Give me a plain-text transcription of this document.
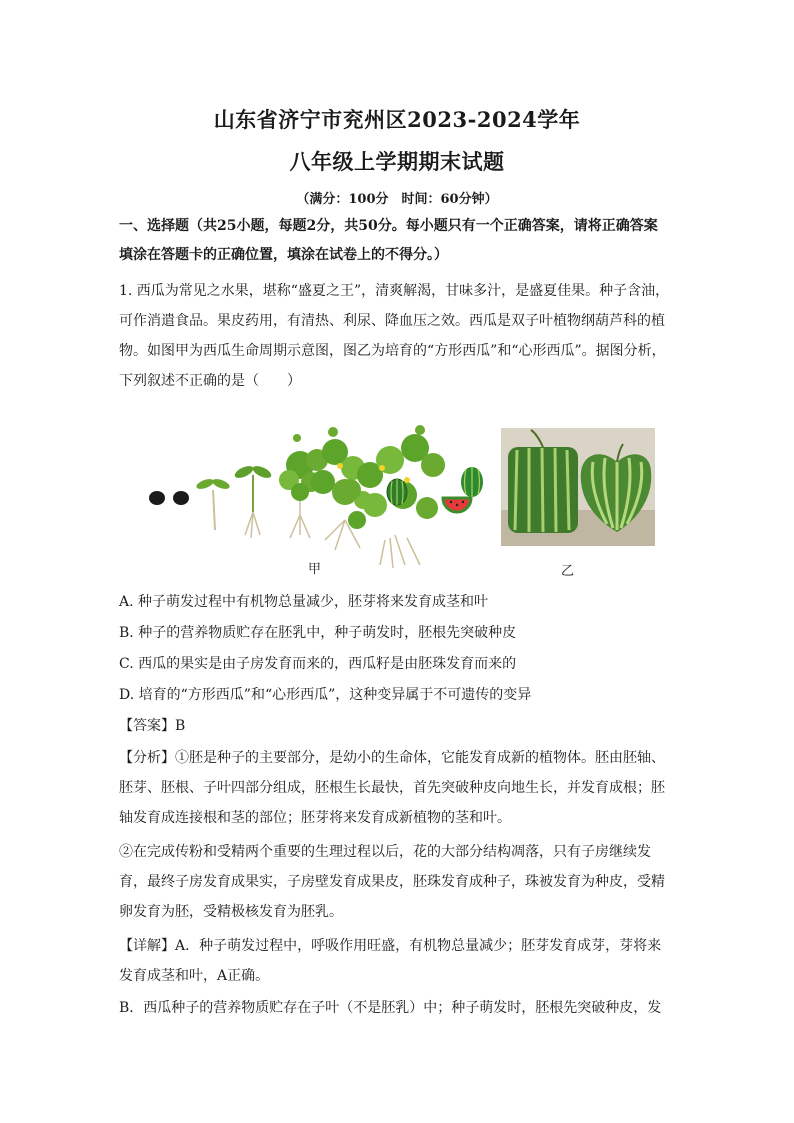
山东省济宁市兖州区2023-2024学年
八年级上学期期末试题
（满分：100分　时间：60分钟）
一、选择题（共25小题，每题2分，共50分。每小题只有一个正确答案，请将正确答案
填涂在答题卡的正确位置，填涂在试卷上的不得分。）
1. 西瓜为常见之水果，堪称“盛夏之王”，清爽解渴，甘味多汁，是盛夏佳果。种子含油，
可作消遣食品。果皮药用，有清热、利尿、降血压之效。西瓜是双子叶植物纲葫芦科的植
物。如图甲为西瓜生命周期示意图，图乙为培育的“方形西瓜”和“心形西瓜”。据图分析，
下列叙述不正确的是（　　）
甲	乙
A. 种子萌发过程中有机物总量减少，胚芽将来发育成茎和叶
B. 种子的营养物质贮存在胚乳中，种子萌发时，胚根先突破种皮
C. 西瓜的果实是由子房发育而来的，西瓜籽是由胚珠发育而来的
D. 培育的“方形西瓜”和“心形西瓜”，这种变异属于不可遗传的变异
【答案】B
【分析】①胚是种子的主要部分，是幼小的生命体，它能发育成新的植物体。胚由胚轴、
胚芽、胚根、子叶四部分组成，胚根生长最快，首先突破种皮向地生长，并发育成根；胚
轴发育成连接根和茎的部位；胚芽将来发育成新植物的茎和叶。
②在完成传粉和受精两个重要的生理过程以后，花的大部分结构凋落，只有子房继续发
育，最终子房发育成果实，子房壁发育成果皮，胚珠发育成种子，珠被发育为种皮，受精
卵发育为胚，受精极核发育为胚乳。
【详解】A．种子萌发过程中，呼吸作用旺盛，有机物总量减少；胚芽发育成芽，芽将来
发育成茎和叶，A正确。
B．西瓜种子的营养物质贮存在子叶（不是胚乳）中；种子萌发时，胚根先突破种皮，发
